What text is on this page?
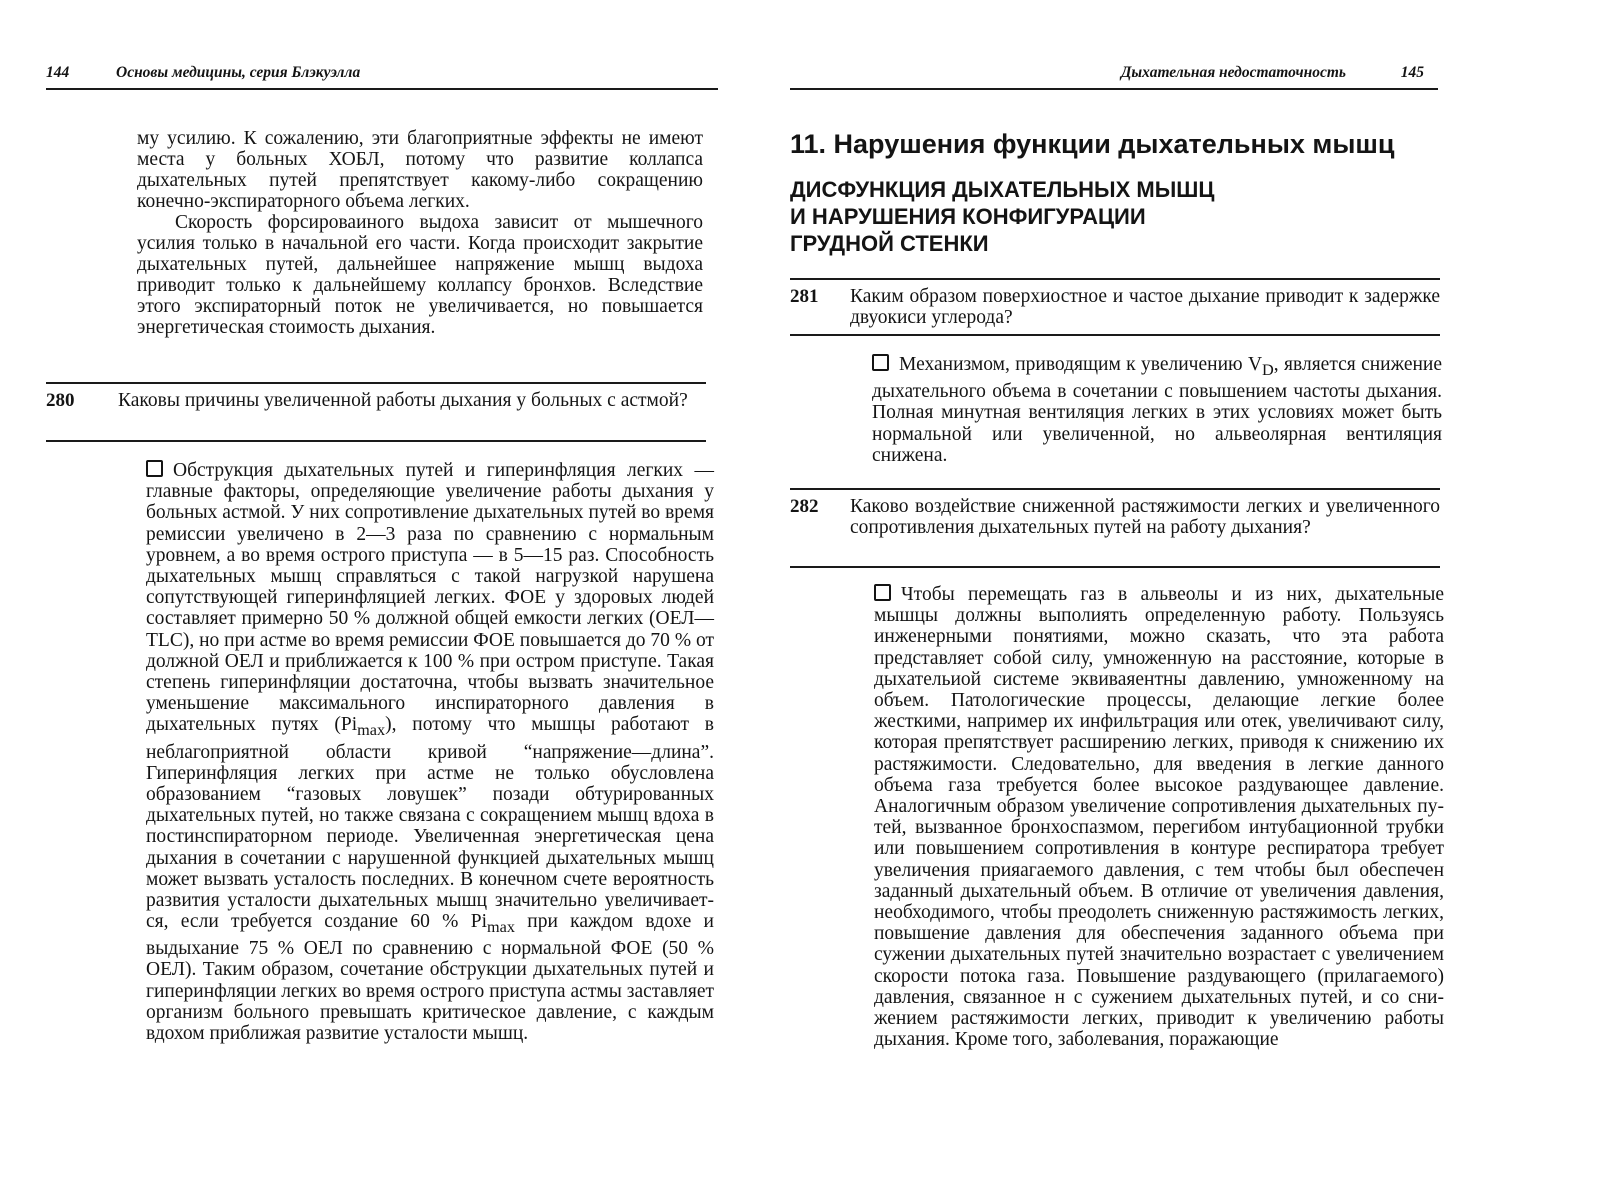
144	Основы медицины, серия Блэкуэлла

му усилию. К сожалению, эти благоприятные эффекты не имеют места у больных ХОБЛ, потому что развитие коллапса дыхательных путей препятствует какому-либо сокращению конечно-экспираторного объема легких.

Скорость форсироваиного выдоха зависит от мышечного усилия только в начальной его части. Когда происходит закрытие дыхательных путей, дальнейшее напряжение мышц выдоха приводит только к дальнейшему коллапсу бронхов. Вследствие этого экспираторный поток не увеличивается, но повышается энергетическая стоимость дыхания.

280 Каковы причины увеличенной работы дыхания у больных с астмой?

Обструкция дыхательных путей и гиперинфляция легких — главные факторы, определяющие увеличение работы дыхания у больных астмой. У них сопротивление дыхательных путей во время ремиссии увеличено в 2—3 раза по сравнению с нормальным уровнем, а во время острого приступа — в 5—15 раз. Способность дыхательных мышц справляться с такой нагрузкой нарушена сопутствующей гиперинфляцией легких. ФОЕ у здоровых людей составляет примерно 50 % должной общей емкости легких (ОЕЛ—TLC), но при астме во время ремиссии ФОЕ повышается до 70 % от должной ОЕЛ и приближается к 100 % при остром приступе. Такая степень гиперинфляции достаточна, чтобы вызвать значительное уменьшение максимального инспираторного давления в дыхательных путях $(Pi_{max})$, потому что мышцы работают в неблагоприятной области кривой “напряжение—длина”. Гиперинфляция легких при астме не только обусловлена образованием “газовых ловушек” позади обтурированных дыхательных путей, но также связана с сокращением мышц вдоха в постинспираторном периоде. Увеличенная энергетическая цена дыхания в сочетании с нарушенной функцией дыхательных мышц может вызвать усталость последних. В конечном счете вероятность развития усталости дыхательных мышц значительно увеличивается, если требуется создание 60 % $Pi_{max}$ при каждом вдохе и выдыхание 75 % ОЕЛ по сравнению с нормальной ФОЕ (50 % ОЕЛ). Таким образом, сочетание обструкции дыхательных путей и гиперинфляции легких во время острого приступа астмы заставляет организм больного превышать критическое давление, с каждым вдохом приближая развитие усталости мышц.

Дыхательная недостаточность	145
11. Нарушения функции дыхательных мышц
ДИСФУНКЦИЯ ДЫХАТЕЛЬНЫХ МЫШЦ
И НАРУШЕНИЯ КОНФИГУРАЦИИ
ГРУДНОЙ СТЕНКИ
281 Каким образом поверхиостное и частое дыхание приводит к задержке двуокиси углерода?

Механизмом, приводящим к увеличению $V_D$, является снижение дыхательного объема в сочетании с повышением частоты дыхания. Полная минутная вентиляция легких в этих условиях может быть нормальной или увеличенной, но альвеолярная вентиляция снижена.

282 Каково воздействие сниженной растяжимости легких и увеличенного сопротивления дыхательных путей на работу дыхания?

Чтобы перемещать газ в альвеолы и из них, дыхательные мышцы должны выполиять определенную работу. Пользуясь инженерными понятиями, можно сказать, что эта работа представляет собой силу, умноженную на расстояние, которые в дыхательиой системе эквиваяентны давлению, умноженному на объем. Патологические процессы, делающие легкие более жесткими, например их инфильтрация или отек, увеличивают силу, которая препятствует расширению легких, приводя к снижению их растяжимости. Следовательно, для введения в легкие данного объема газа требуется более высокое раздувающее давление. Аналогичным образом увеличение сопротивления дыхательных путей, вызванное бронхоспазмом, перегибом интубационной трубки или повышением сопротивления в контуре респиратора требует увеличения прияагаемого давления, с тем чтобы был обеспечен заданный дыхательный объем. В отличие от увеличения давления, необходимого, чтобы преодолеть сниженную растяжимость легких, повышение давления для обеспечения заданного объема при сужении дыхательных путей значительно возрастает с увеличением скорости потока газа. Повышение раздувающего (прилагаемого) давления, связанное н с сужением дыхательных путей, и со снижением растяжимости легких, приводит к увеличению работы дыхания. Кроме того, заболевания, поражающие
